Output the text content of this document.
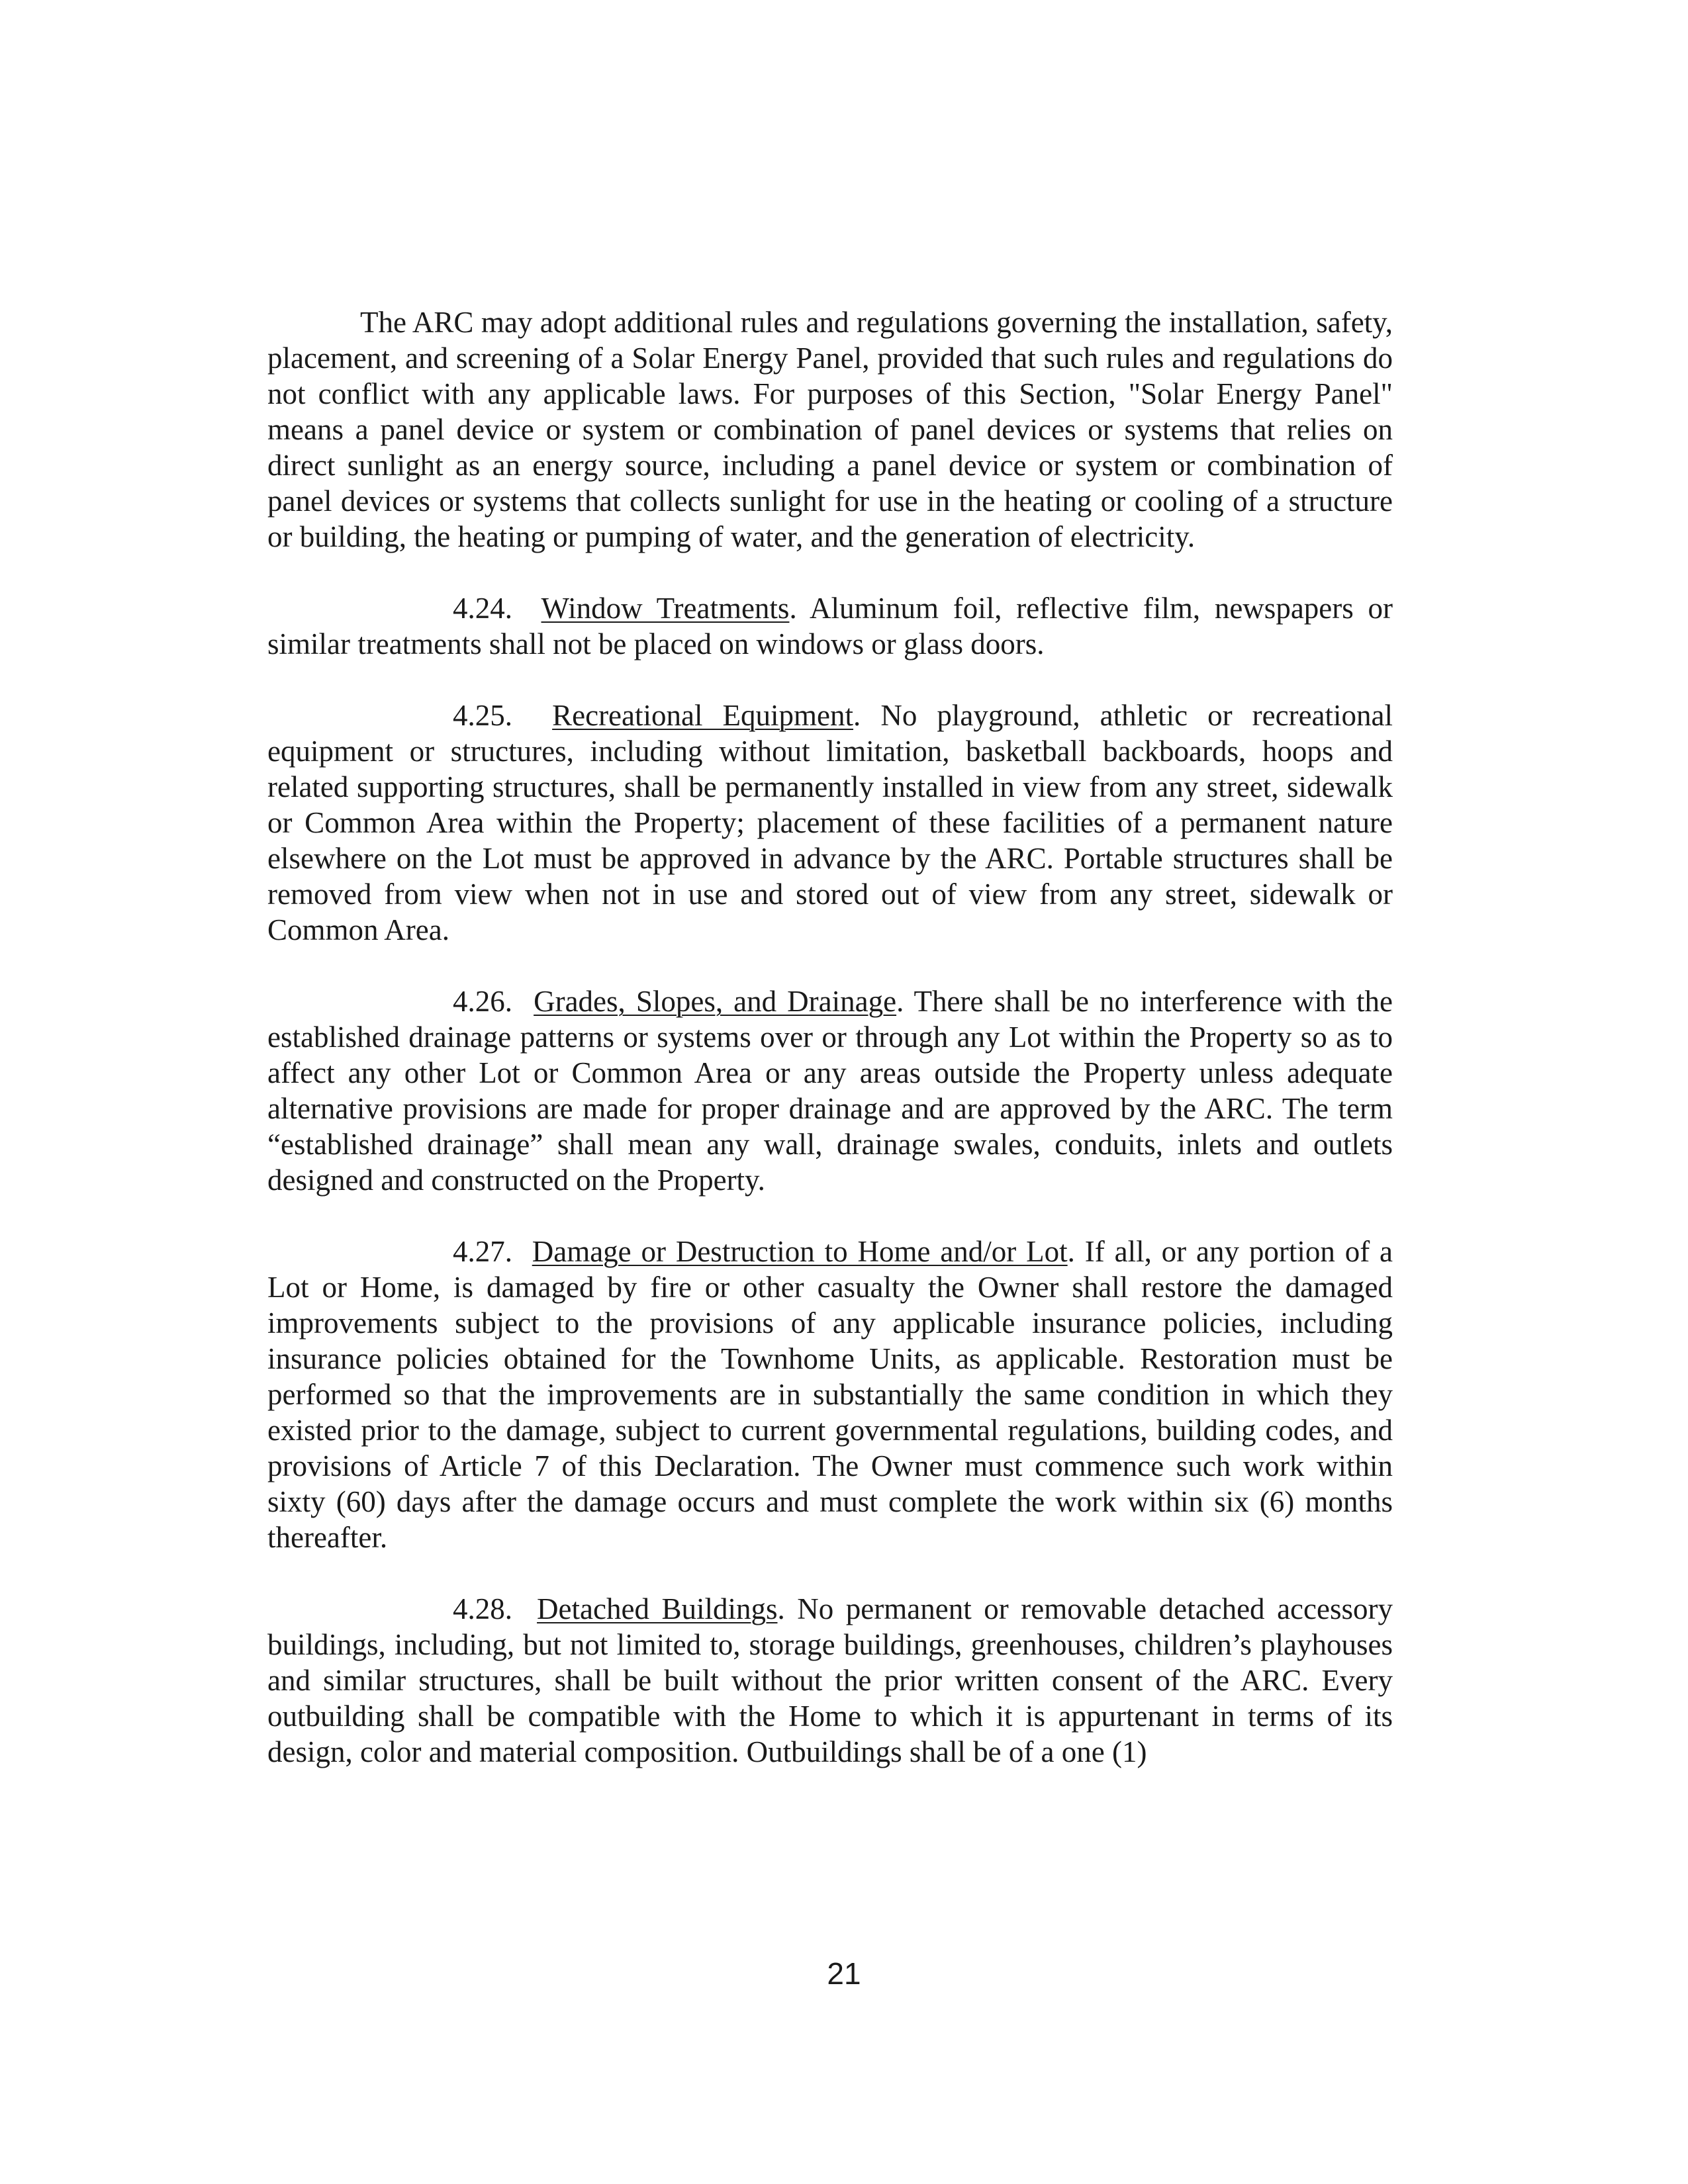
The ARC may adopt additional rules and regulations governing the installation, safety, placement, and screening of a Solar Energy Panel, provided that such rules and regulations do not conflict with any applicable laws. For purposes of this Section, "Solar Energy Panel" means a panel device or system or combination of panel devices or systems that relies on direct sunlight as an energy source, including a panel device or system or combination of panel devices or systems that collects sunlight for use in the heating or cooling of a structure or building, the heating or pumping of water, and the generation of electricity.

4.24. Window Treatments. Aluminum foil, reflective film, newspapers or similar treatments shall not be placed on windows or glass doors.

4.25. Recreational Equipment. No playground, athletic or recreational equipment or structures, including without limitation, basketball backboards, hoops and related supporting structures, shall be permanently installed in view from any street, sidewalk or Common Area within the Property; placement of these facilities of a permanent nature elsewhere on the Lot must be approved in advance by the ARC. Portable structures shall be removed from view when not in use and stored out of view from any street, sidewalk or Common Area.

4.26. Grades, Slopes, and Drainage. There shall be no interference with the established drainage patterns or systems over or through any Lot within the Property so as to affect any other Lot or Common Area or any areas outside the Property unless adequate alternative provisions are made for proper drainage and are approved by the ARC. The term “established drainage” shall mean any wall, drainage swales, conduits, inlets and outlets designed and constructed on the Property.

4.27. Damage or Destruction to Home and/or Lot. If all, or any portion of a Lot or Home, is damaged by fire or other casualty the Owner shall restore the damaged improvements subject to the provisions of any applicable insurance policies, including insurance policies obtained for the Townhome Units, as applicable. Restoration must be performed so that the improvements are in substantially the same condition in which they existed prior to the damage, subject to current governmental regulations, building codes, and provisions of Article 7 of this Declaration. The Owner must commence such work within sixty (60) days after the damage occurs and must complete the work within six (6) months thereafter.

4.28. Detached Buildings. No permanent or removable detached accessory buildings, including, but not limited to, storage buildings, greenhouses, children’s playhouses and similar structures, shall be built without the prior written consent of the ARC. Every outbuilding shall be compatible with the Home to which it is appurtenant in terms of its design, color and material composition. Outbuildings shall be of a one (1)

21
